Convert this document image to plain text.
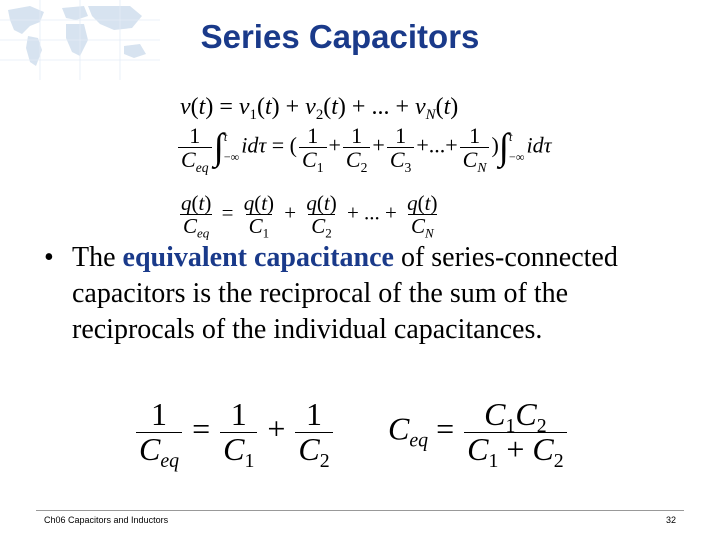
Series Capacitors
$v(t) = v_1(t) + v_2(t)$ + ... + $v_N(t)$
$\frac{1}{C_{eq}}$ ∫ t
−∞ idτ = ( $\frac{1}{C_1} + \frac{1}{C_2} + \frac{1}{C_3}$ +...+ $\frac{1}{C_N}$ )∫ t
−∞ idτ
$\frac{q(t)}{C_{eq}} = \frac{q(t)}{C_1} + \frac{q(t)}{C_2}$ + ... + $\frac{q(t)}{C_N}$
• The equivalent capacitance of series-connected capacitors is the reciprocal of the sum of the reciprocals of the individual capacitances.
$\frac{1}{C_{eq}} = \frac{1}{C_1} + \frac{1}{C_2} C_{eq} = \frac{C_1C_2}{C_1 + C_2}$
Ch06 Capacitors and Inductors	32
